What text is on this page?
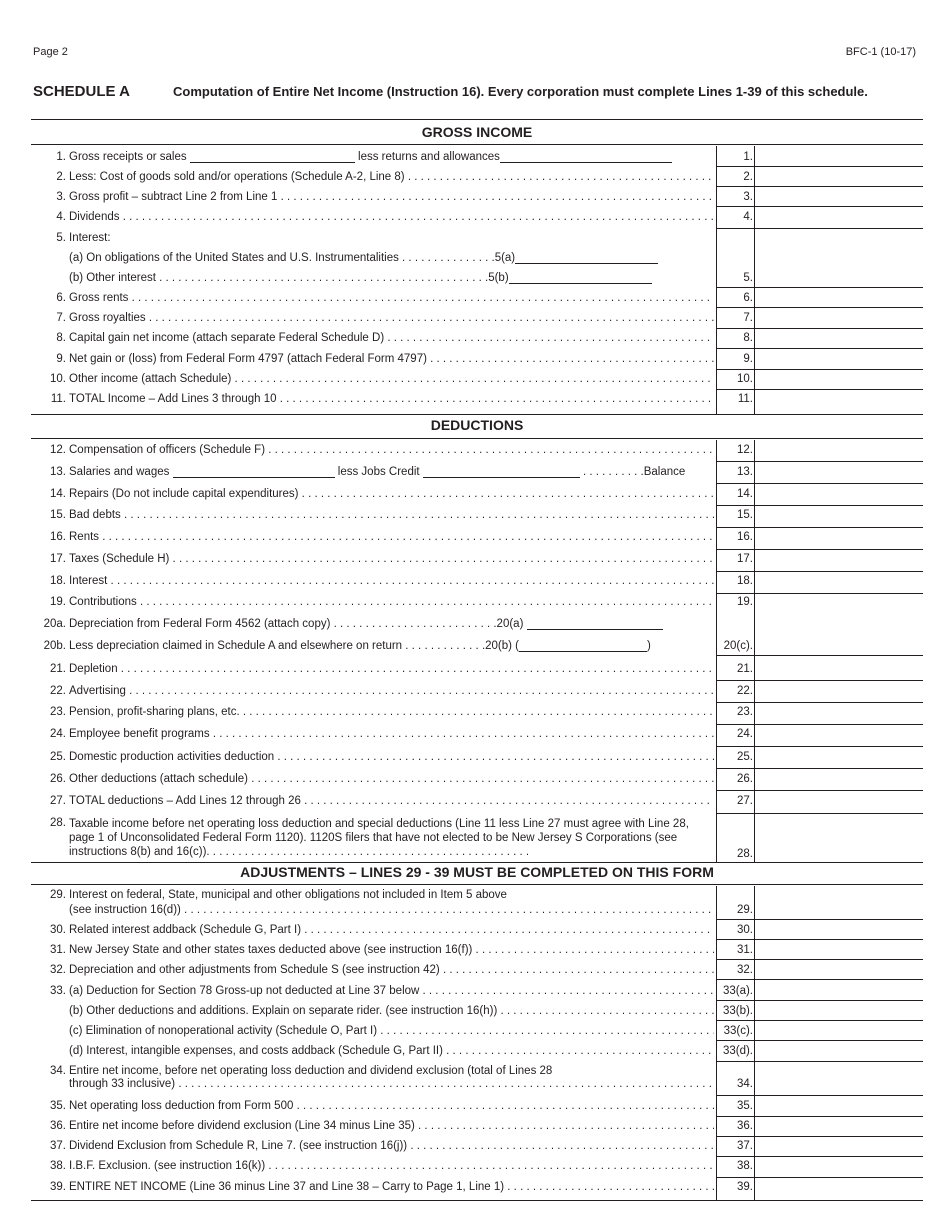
Page 2	BFC-1 (10-17)
SCHEDULE A	Computation of Entire Net Income (Instruction 16). Every corporation must complete Lines 1-39 of this schedule.
GROSS INCOME
1. Gross receipts or sales	less returns and allowances	1.
2. Less: Cost of goods sold and/or operations (Schedule A-2, Line 8) . . .	2.
3. Gross profit – subtract Line 2 from Line 1 . . .	3.
4. Dividends . . .	4.
5. Interest:
(a) On obligations of the United States and U.S. Instrumentalities . . . . . . . . . . . . . . .5(a)
(b) Other interest . . . . . . . . . . . . . . . . . . . . . . . . . . . . . . . . . . . . . . . . . . . . . . . . . . . .5(b)	5.
6. Gross rents . . .	6.
7. Gross royalties . . .	7.
8. Capital gain net income (attach separate Federal Schedule D) . . .	8.
9. Net gain or (loss) from Federal Form 4797 (attach Federal Form 4797) . . .	9.
10. Other income (attach Schedule) . . .	10.
11. TOTAL Income – Add Lines 3 through 10 . . .	11.
DEDUCTIONS
12. Compensation of officers (Schedule F) . . .	12.
13. Salaries and wages	less Jobs Credit	. . . . . . . . . .Balance	13.
14. Repairs (Do not include capital expenditures) . . .	14.
15. Bad debts . . .	15.
16. Rents . . .	16.
17. Taxes (Schedule H) . . .	17.
18. Interest . . .	18.
19. Contributions . . .	19.
20a. Depreciation from Federal Form 4562 (attach copy) . . . . . . . . . . . . . . . . . . . . . . . . . .20(a)
20b. Less depreciation claimed in Schedule A and elsewhere on return . . . . . . . . . . . . .20(b) (	)	20(c).
21. Depletion . . .	21.
22. Advertising . . .	22.
23. Pension, profit-sharing plans, etc. . . .	23.
24. Employee benefit programs . . .	24.
25. Domestic production activities deduction . . .	25.
26. Other deductions (attach schedule) . . .	26.
27. TOTAL deductions – Add Lines 12 through 26 . . .	27.
28. Taxable income before net operating loss deduction and special deductions (Line 11 less Line 27 must agree with Line 28, page 1 of Unconsolidated Federal Form 1120). 1120S filers that have not elected to be New Jersey S Corporations (see instructions 8(b) and 16(c)). . . . . . . . . . . . . . . . . . . . . . . . . . . . . . . . . . . . . . . . . . . . . . . . . . .	28.
ADJUSTMENTS – LINES 29 - 39 MUST BE COMPLETED ON THIS FORM
29. Interest on federal, State, municipal and other obligations not included in Item 5 above
(see instruction 16(d)) . . .	29.
30. Related interest addback (Schedule G, Part I) . . .	30.
31. New Jersey State and other states taxes deducted above (see instruction 16(f)) . . .	31.
32. Depreciation and other adjustments from Schedule S (see instruction 42) . . .	32.
33. (a) Deduction for Section 78 Gross-up not deducted at Line 37 below . . .	33(a).
(b) Other deductions and additions. Explain on separate rider. (see instruction 16(h)) . . .	33(b).
(c) Elimination of nonoperational activity (Schedule O, Part I) . . .	33(c).
(d) Interest, intangible expenses, and costs addback (Schedule G, Part II) . . .	33(d).
34. Entire net income, before net operating loss deduction and dividend exclusion (total of Lines 28
through 33 inclusive) . . .	34.
35. Net operating loss deduction from Form 500 . . .	35.
36. Entire net income before dividend exclusion (Line 34 minus Line 35) . . .	36.
37. Dividend Exclusion from Schedule R, Line 7. (see instruction 16(j)) . . .	37.
38. I.B.F. Exclusion. (see instruction 16(k)) . . .	38.
39. ENTIRE NET INCOME (Line 36 minus Line 37 and Line 38 – Carry to Page 1, Line 1) . . .	39.
